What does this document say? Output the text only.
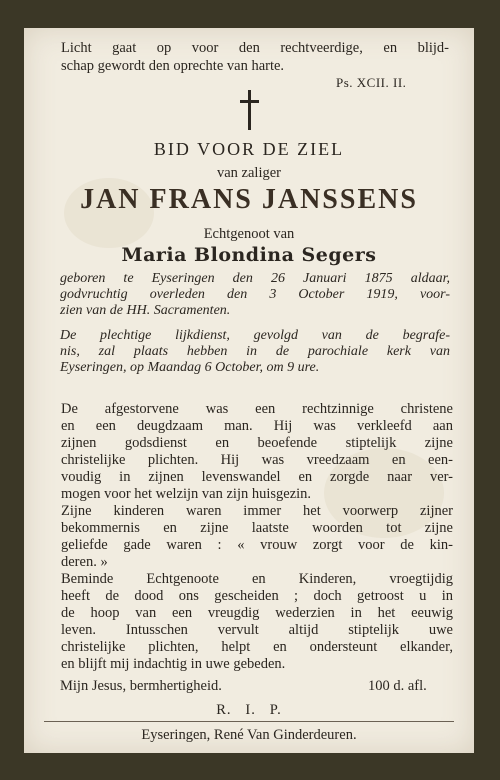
Licht gaat op voor den rechtveerdige, en blijd-
schap gewordt den oprechte van harte.
Ps. XCII. II.
BID VOOR DE ZIEL
van zaliger
JAN FRANS JANSSENS
Echtgenoot van
Maria Blondina Segers
geboren te Eyseringen den 26 Januari 1875 aldaar,
godvruchtig overleden den 3 October 1919, voor-
zien van de HH. Sacramenten.
De plechtige lijkdienst, gevolgd van de begrafe-
nis, zal plaats hebben in de parochiale kerk van
Eyseringen, op Maandag 6 October, om 9 ure.
De afgestorvene was een rechtzinnige christene
en een deugdzaam man. Hij was verkleefd aan
zijnen godsdienst en beoefende stiptelijk zijne
christelijke plichten. Hij was vreedzaam en een-
voudig in zijnen levenswandel en zorgde naar ver-
mogen voor het welzijn van zijn huisgezin.
Zijne kinderen waren immer het voorwerp zijner
bekommernis en zijne laatste woorden tot zijne
geliefde gade waren : « vrouw zorgt voor de kin-
deren. »
Beminde Echtgenoote en Kinderen, vroegtijdig
heeft de dood ons gescheiden ; doch getroost u in
de hoop van een vreugdig wederzien in het eeuwig
leven. Intusschen vervult altijd stiptelijk uwe
christelijke plichten, helpt en ondersteunt elkander,
en blijft mij indachtig in uwe gebeden.
Mijn Jesus, bermhertigheid.	100 d. afl.
R.   I.   P.
Eyseringen, René Van Ginderdeuren.
